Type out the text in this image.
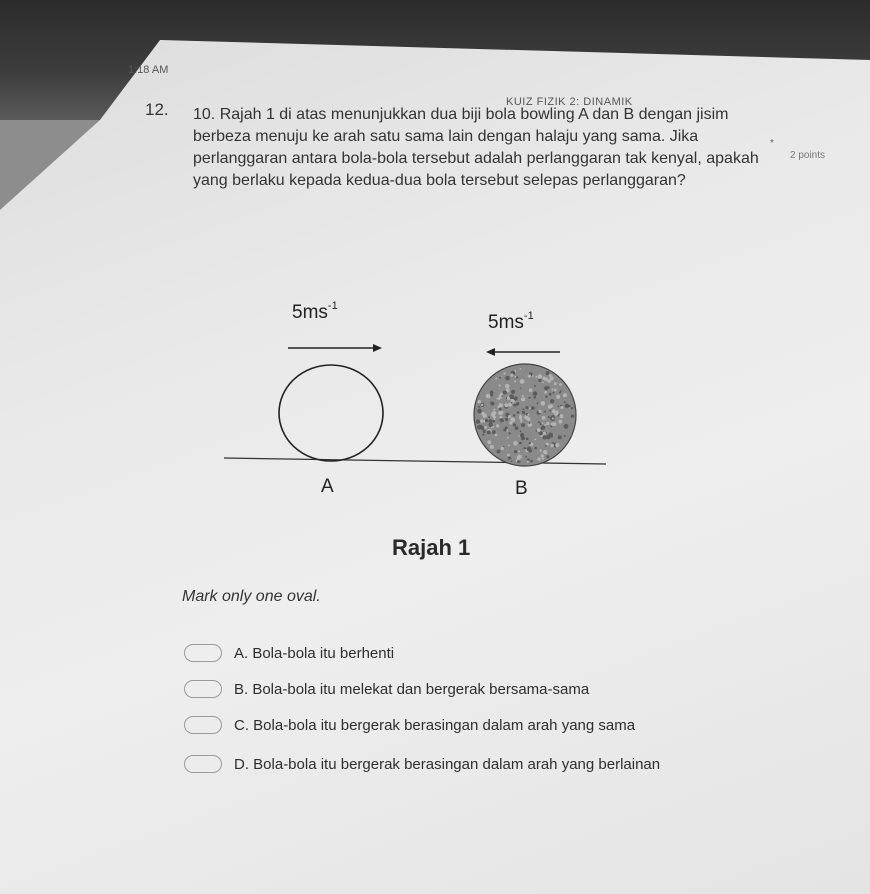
1:18 AM
KUIZ FIZIK 2: DINAMIK
12. 10. Rajah 1 di atas menunjukkan dua biji bola bowling A dan B dengan jisim berbeza menuju ke arah satu sama lain dengan halaju yang sama. Jika perlanggaran antara bola-bola tersebut adalah perlanggaran tak kenyal, apakah yang berlaku kepada kedua-dua bola tersebut selepas perlanggaran?
*
2 points
$5ms^{-1}$
$5ms^{-1}$
A	B
Rajah 1
Mark only one oval.
A. Bola-bola itu berhenti
B. Bola-bola itu melekat dan bergerak bersama-sama
C. Bola-bola itu bergerak berasingan dalam arah yang sama
D. Bola-bola itu bergerak berasingan dalam arah yang berlainan
